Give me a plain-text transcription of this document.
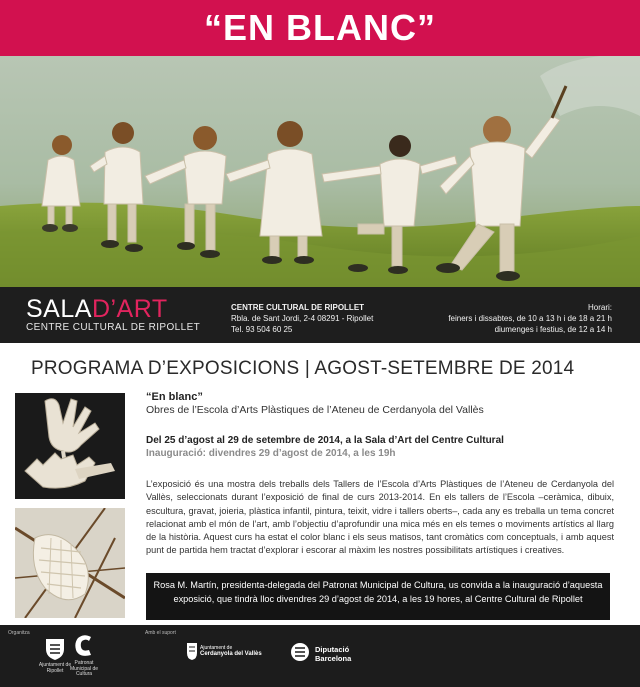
“EN BLANC”
SALAD’ART
CENTRE CULTURAL DE RIPOLLET
CENTRE CULTURAL DE RIPOLLET
Rbla. de Sant Jordi, 2-4 08291 - Ripollet
Tel. 93 504 60 25
Horari:
feiners i dissabtes, de 10 a 13 h i de 18 a 21 h
diumenges i festius, de 12 a 14 h
PROGRAMA D’EXPOSICIONS | AGOST-SETEMBRE DE 2014
“En blanc”
Obres de l’Escola d’Arts Plàstiques de l’Ateneu de Cerdanyola del Vallès
Del 25 d’agost al 29 de setembre de 2014, a la Sala d’Art del Centre Cultural
Inauguració: divendres 29 d’agost de 2014, a les 19h
L’exposició és una mostra dels treballs dels Tallers de l’Escola d’Arts Plàstiques de l’Ateneu de Cerdanyola del Vallès, seleccionats durant l’exposició de final de curs 2013-2014. En els tallers de l’Escola –ceràmica, dibuix, escultura, gravat, joieria, plàstica infantil, pintura, teixit, vidre i tallers oberts–, cada any es treballa un tema concret relacionat amb el món de l’art, amb l’objectiu d’aprofundir una mica més en els temes o moviments artístics al llarg de la història. Aquest curs ha estat el color blanc i els seus matisos, tant cromàtics com conceptuals, i amb aquest punt de partida hem tractat d’explorar i escorar al màxim les nostres possibilitats artístiques i creatives.
Rosa M. Martín, presidenta-delegada del Patronat Municipal de Cultura, us convida a la inauguració d’aquesta exposició, que tindrà lloc divendres 29 d’agost de 2014, a les 19 hores, al Centre Cultural de Ripollet
Organitza
Ajuntament de Ripollet
Patronat Municipal de Cultura
Amb el suport
Ajuntament de
Cerdanyola del Vallès	Diputació
Barcelona
